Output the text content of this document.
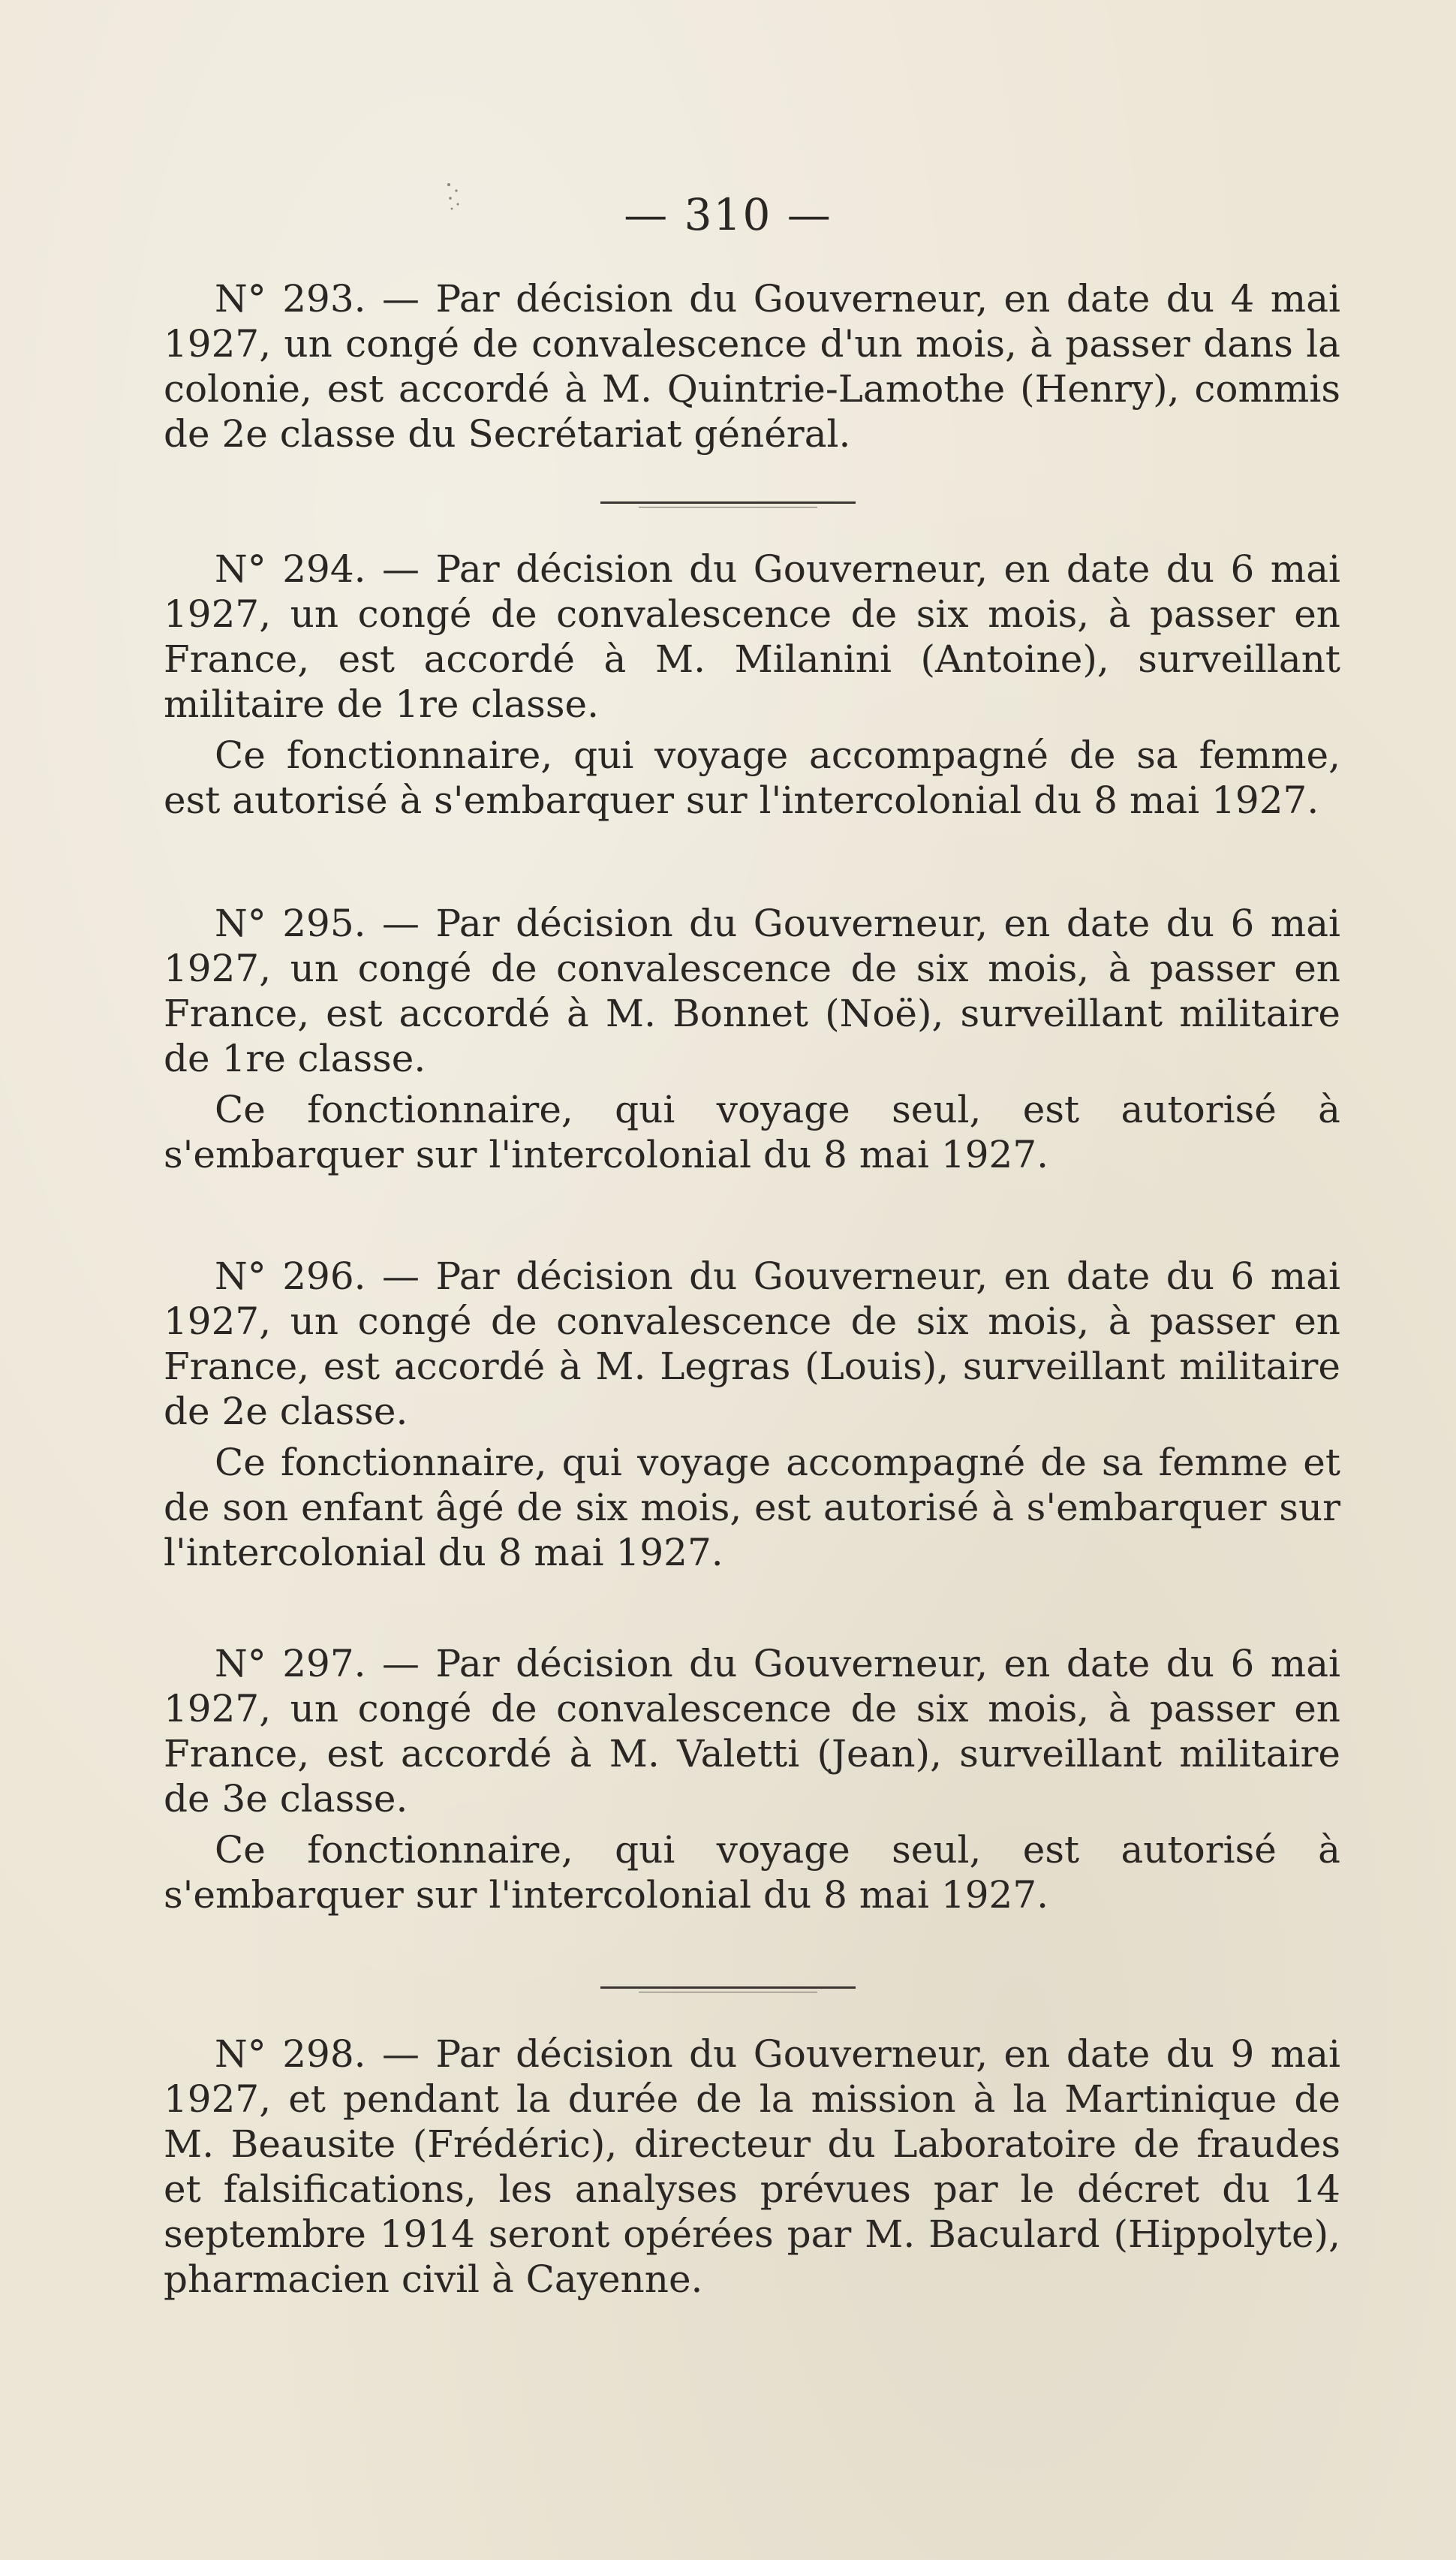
— 310 —

N° 293. — Par décision du Gouverneur, en date du 4 mai 1927, un congé de convalescence d'un mois, à passer dans la colonie, est accordé à M. Quintrie-Lamothe (Henry), commis de 2e classe du Secrétariat général.

N° 294. — Par décision du Gouverneur, en date du 6 mai 1927, un congé de convalescence de six mois, à passer en France, est accordé à M. Milanini (Antoine), surveillant militaire de 1re classe.

Ce fonctionnaire, qui voyage accompagné de sa femme, est autorisé à s'embarquer sur l'intercolonial du 8 mai 1927.

N° 295. — Par décision du Gouverneur, en date du 6 mai 1927, un congé de convalescence de six mois, à passer en France, est accordé à M. Bonnet (Noë), surveillant militaire de 1re classe.

Ce fonctionnaire, qui voyage seul, est autorisé à s'embarquer sur l'intercolonial du 8 mai 1927.

N° 296. — Par décision du Gouverneur, en date du 6 mai 1927, un congé de convalescence de six mois, à passer en France, est accordé à M. Legras (Louis), surveillant militaire de 2e classe.

Ce fonctionnaire, qui voyage accompagné de sa femme et de son enfant âgé de six mois, est autorisé à s'embarquer sur l'intercolonial du 8 mai 1927.

N° 297. — Par décision du Gouverneur, en date du 6 mai 1927, un congé de convalescence de six mois, à passer en France, est accordé à M. Valetti (Jean), surveillant militaire de 3e classe.

Ce fonctionnaire, qui voyage seul, est autorisé à s'embarquer sur l'intercolonial du 8 mai 1927.

N° 298. — Par décision du Gouverneur, en date du 9 mai 1927, et pendant la durée de la mission à la Martinique de M. Beausite (Frédéric), directeur du Laboratoire de fraudes et falsifications, les analyses prévues par le décret du 14 septembre 1914 seront opérées par M. Baculard (Hippolyte), pharmacien civil à Cayenne.
